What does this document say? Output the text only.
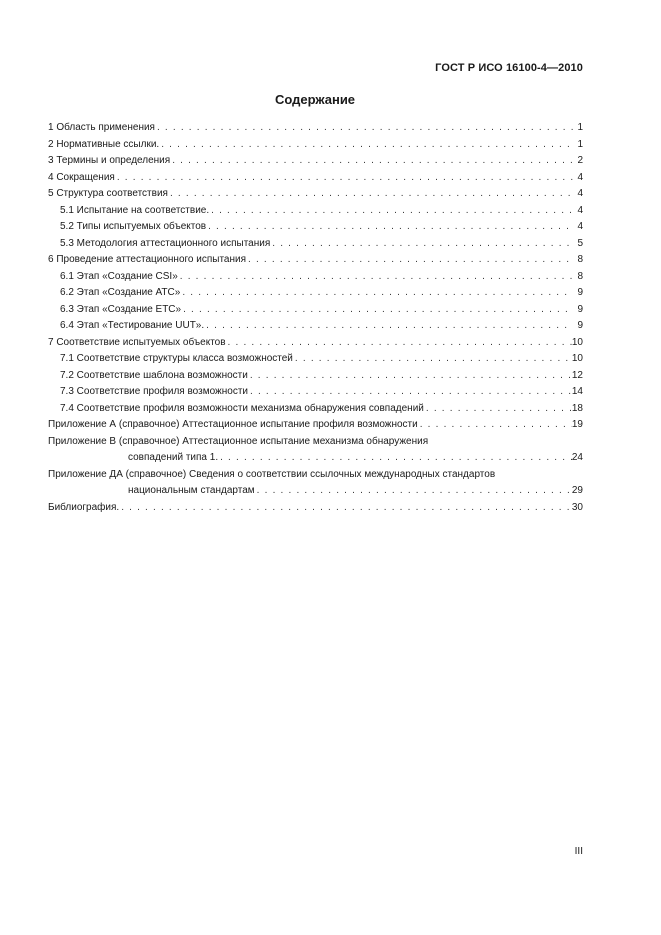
ГОСТ Р ИСО 16100-4—2010
Содержание
1 Область применения . . .	1
2 Нормативные ссылки. . . .	1
3 Термины и определения . . .	2
4 Сокращения . . .	4
5 Структура соответствия . . .	4
5.1 Испытание на соответствие. . . .	4
5.2 Типы испытуемых объектов . . .	4
5.3 Методология аттестационного испытания . . .	5
6 Проведение аттестационного испытания . . .	8
6.1 Этап «Создание CSI» . . .	8
6.2 Этап «Создание АТС» . . .	9
6.3 Этап «Создание ETC» . . .	9
6.4 Этап «Тестирование UUT». . . .	9
7 Соответствие испытуемых объектов . . .	10
7.1 Соответствие структуры класса возможностей . . .	10
7.2 Соответствие шаблона возможности . . .	12
7.3 Соответствие профиля возможности . . .	14
7.4 Соответствие профиля возможности механизма обнаружения совпадений . . .	18
Приложение А (справочное) Аттестационное испытание профиля возможности . . .	19
Приложение В (справочное) Аттестационное испытание механизма обнаружения
совпадений типа 1. . . .	24
Приложение ДА (справочное) Сведения о соответствии ссылочных международных стандартов
национальным стандартам . . .	29
Библиография. . . .	30
III
